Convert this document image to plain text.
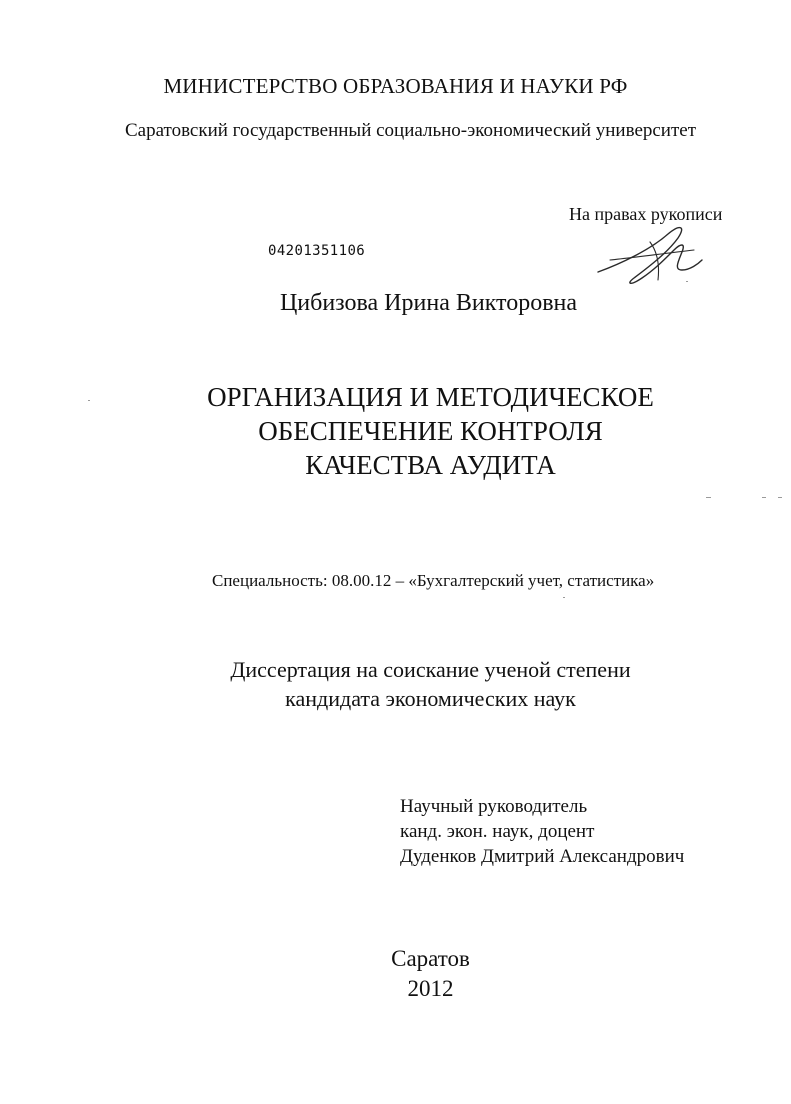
МИНИСТЕРСТВО ОБРАЗОВАНИЯ И НАУКИ РФ
Саратовский государственный социально-экономический университет
На правах рукописи
04201351106
Цибизова Ирина Викторовна
ОРГАНИЗАЦИЯ И МЕТОДИЧЕСКОЕ
ОБЕСПЕЧЕНИЕ КОНТРОЛЯ
КАЧЕСТВА АУДИТА
Специальность: 08.00.12 – «Бухгалтерский учет, статистика»
Диссертация на соискание ученой степени
кандидата экономических наук
Научный руководитель
канд. экон. наук, доцент
Дуденков Дмитрий Александрович
Саратов
2012
